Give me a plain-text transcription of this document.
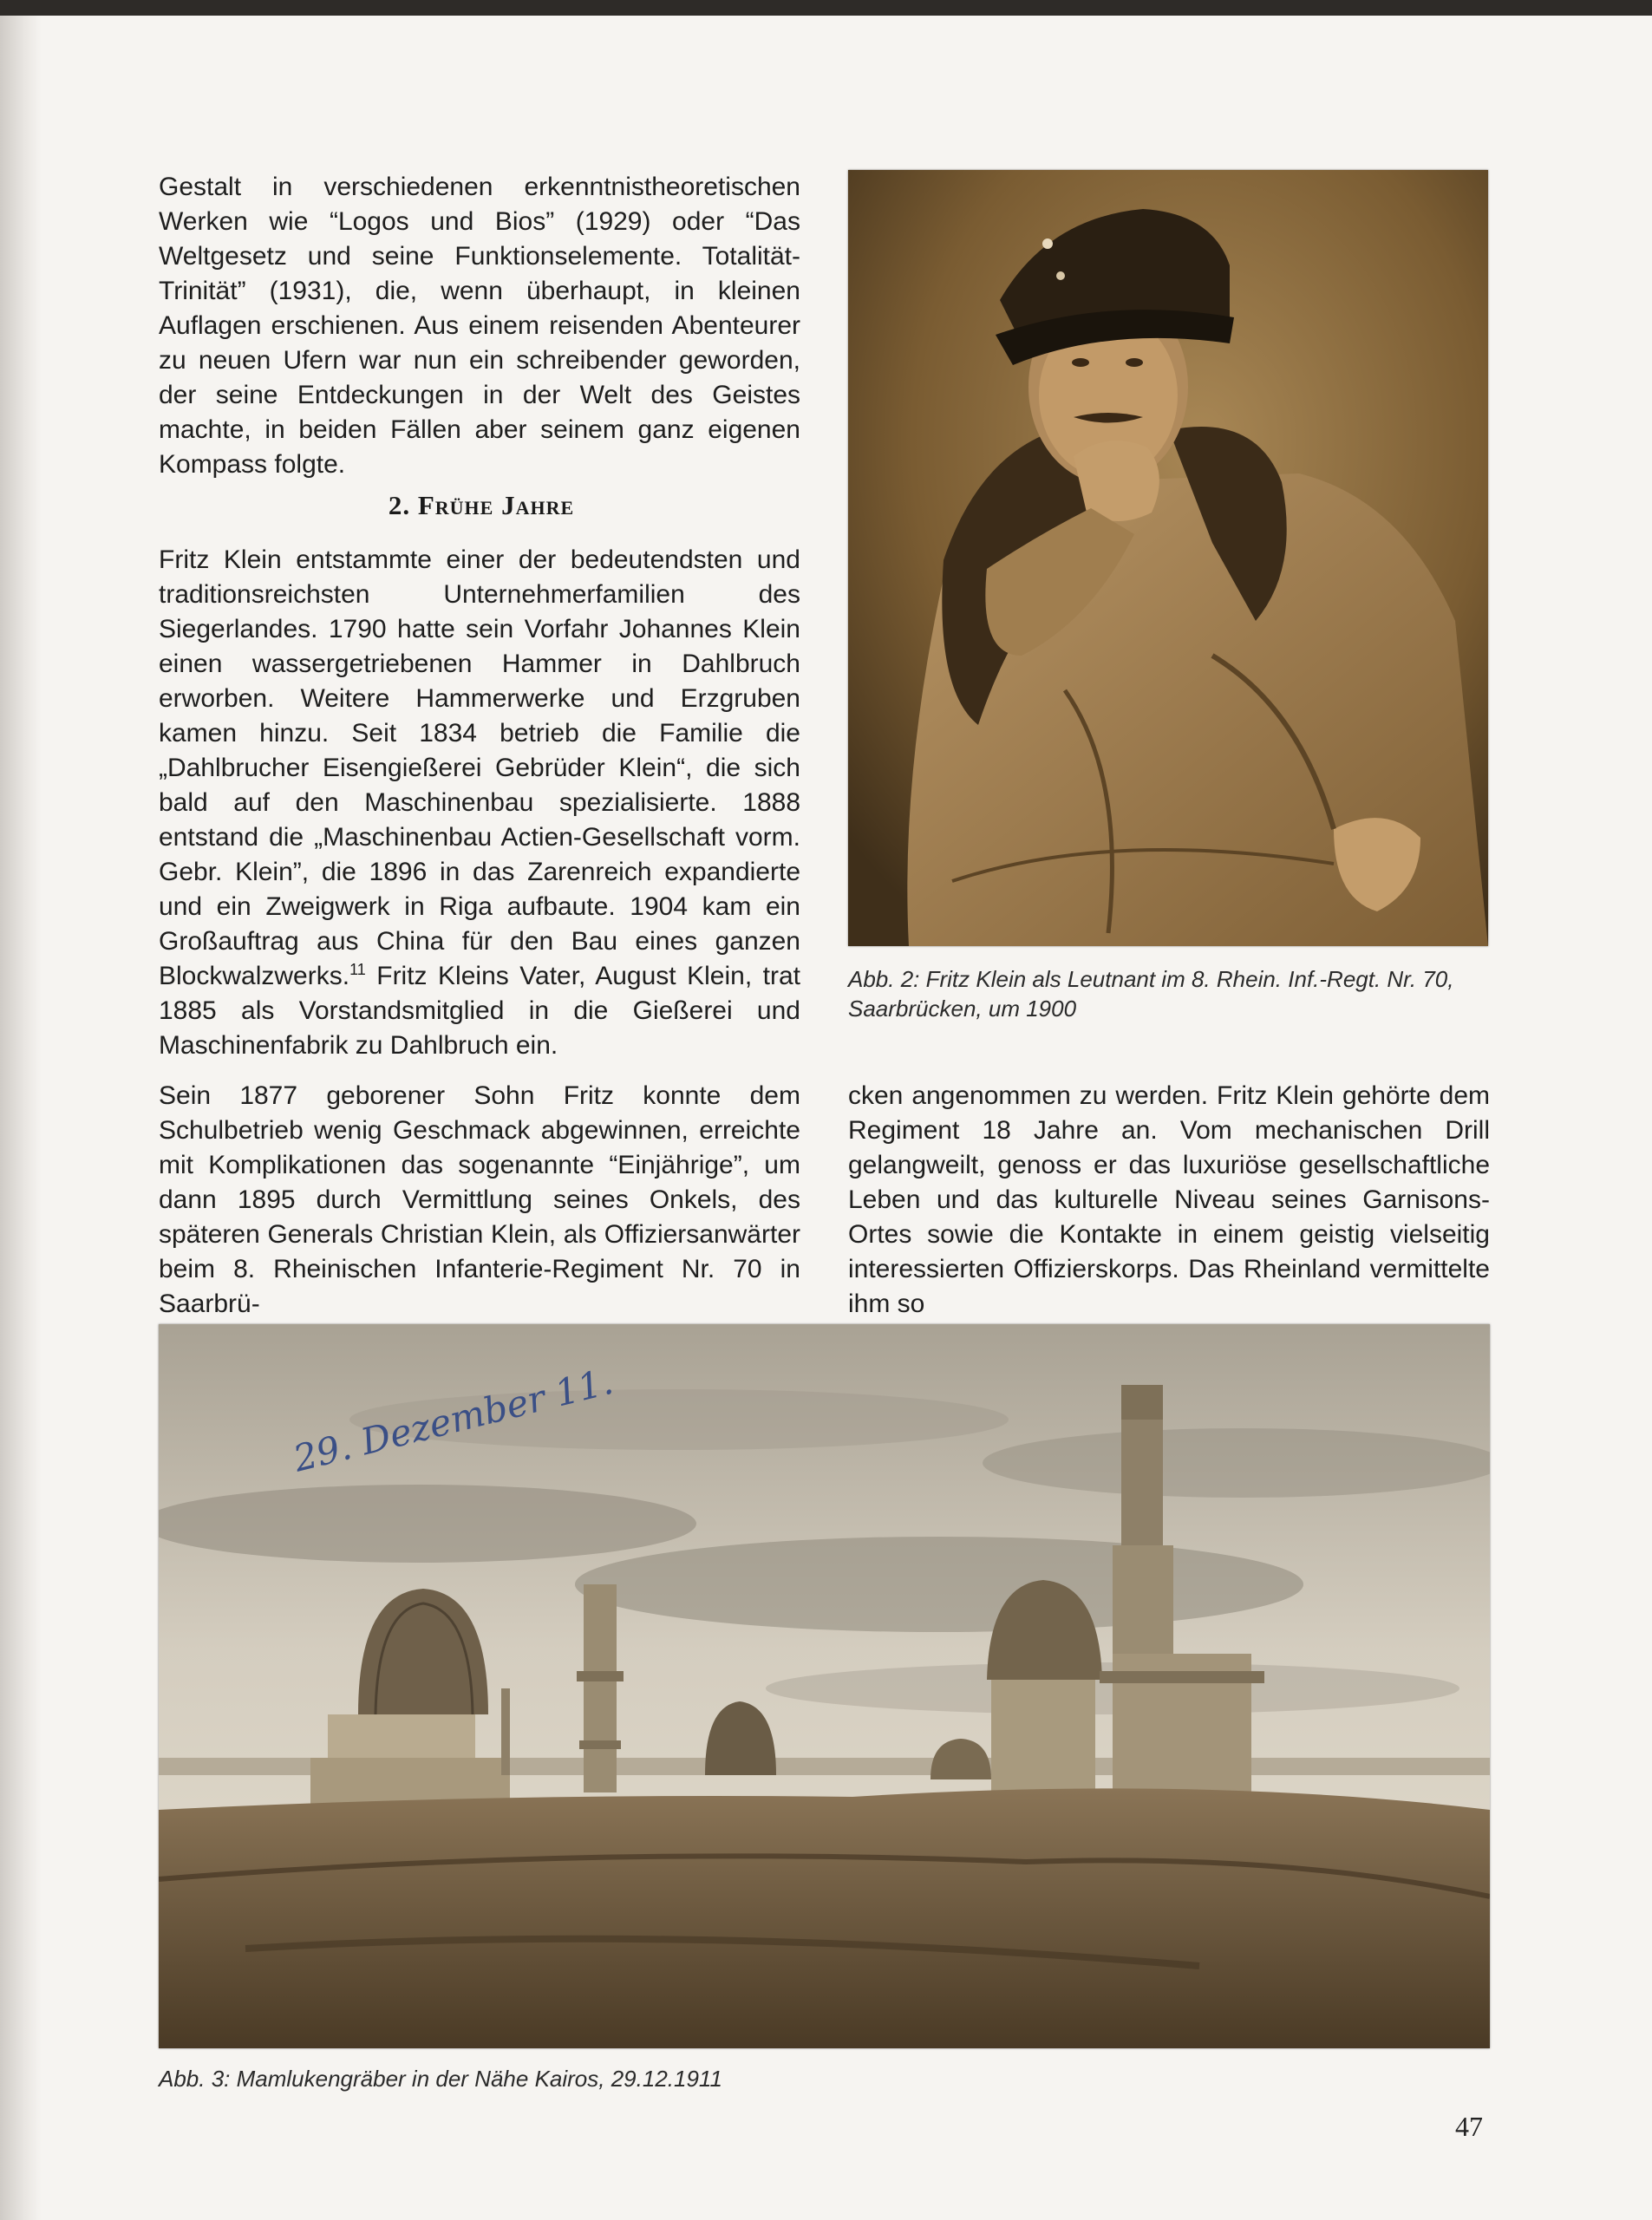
Gestalt in verschiedenen erkenntnistheoretischen Werken wie “Logos und Bios” (1929) oder “Das Weltgesetz und seine Funktionselemente. Totalität-Trinität” (1931), die, wenn überhaupt, in kleinen Auflagen erschienen. Aus einem reisenden Abenteurer zu neuen Ufern war nun ein schreibender geworden, der seine Entdeckungen in der Welt des Geistes machte, in beiden Fällen aber seinem ganz eigenen Kompass folgte.

2. Frühe Jahre

Fritz Klein entstammte einer der bedeutendsten und traditionsreichsten Unternehmerfamilien des Siegerlandes. 1790 hatte sein Vorfahr Johannes Klein einen wassergetriebenen Hammer in Dahlbruch erworben. Weitere Hammerwerke und Erzgruben kamen hinzu. Seit 1834 betrieb die Familie die „Dahlbrucher Eisengießerei Gebrüder Klein“, die sich bald auf den Maschinenbau spezialisierte. 1888 entstand die „Maschinenbau Actien-Gesellschaft vorm. Gebr. Klein”, die 1896 in das Zarenreich expandierte und ein Zweigwerk in Riga aufbaute. 1904 kam ein Großauftrag aus China für den Bau eines ganzen Blockwalzwerks.$^{11}$ Fritz Kleins Vater, August Klein, trat 1885 als Vorstandsmitglied in die Gießerei und Maschinenfabrik zu Dahlbruch ein.

Sein 1877 geborener Sohn Fritz konnte dem Schulbetrieb wenig Geschmack abgewinnen, erreichte mit Komplikationen das sogenannte “Einjährige”, um dann 1895 durch Vermittlung seines Onkels, des späteren Generals Christian Klein, als Offiziersanwärter beim 8. Rheinischen Infanterie-Regiment Nr. 70 in Saarbrü-

cken angenommen zu werden. Fritz Klein gehörte dem Regiment 18 Jahre an. Vom mechanischen Drill gelangweilt, genoss er das luxuriöse gesellschaftliche Leben und das kulturelle Niveau seines Garnisons-Ortes sowie die Kontakte in einem geistig vielseitig interessierten Offizierskorps. Das Rheinland vermittelte ihm so

Abb. 2: Fritz Klein als Leutnant im 8. Rhein. Inf.-Regt. Nr. 70,
Saarbrücken, um 1900

29. Dezember 11.

Abb. 3: Mamlukengräber in der Nähe Kairos, 29.12.1911

47
